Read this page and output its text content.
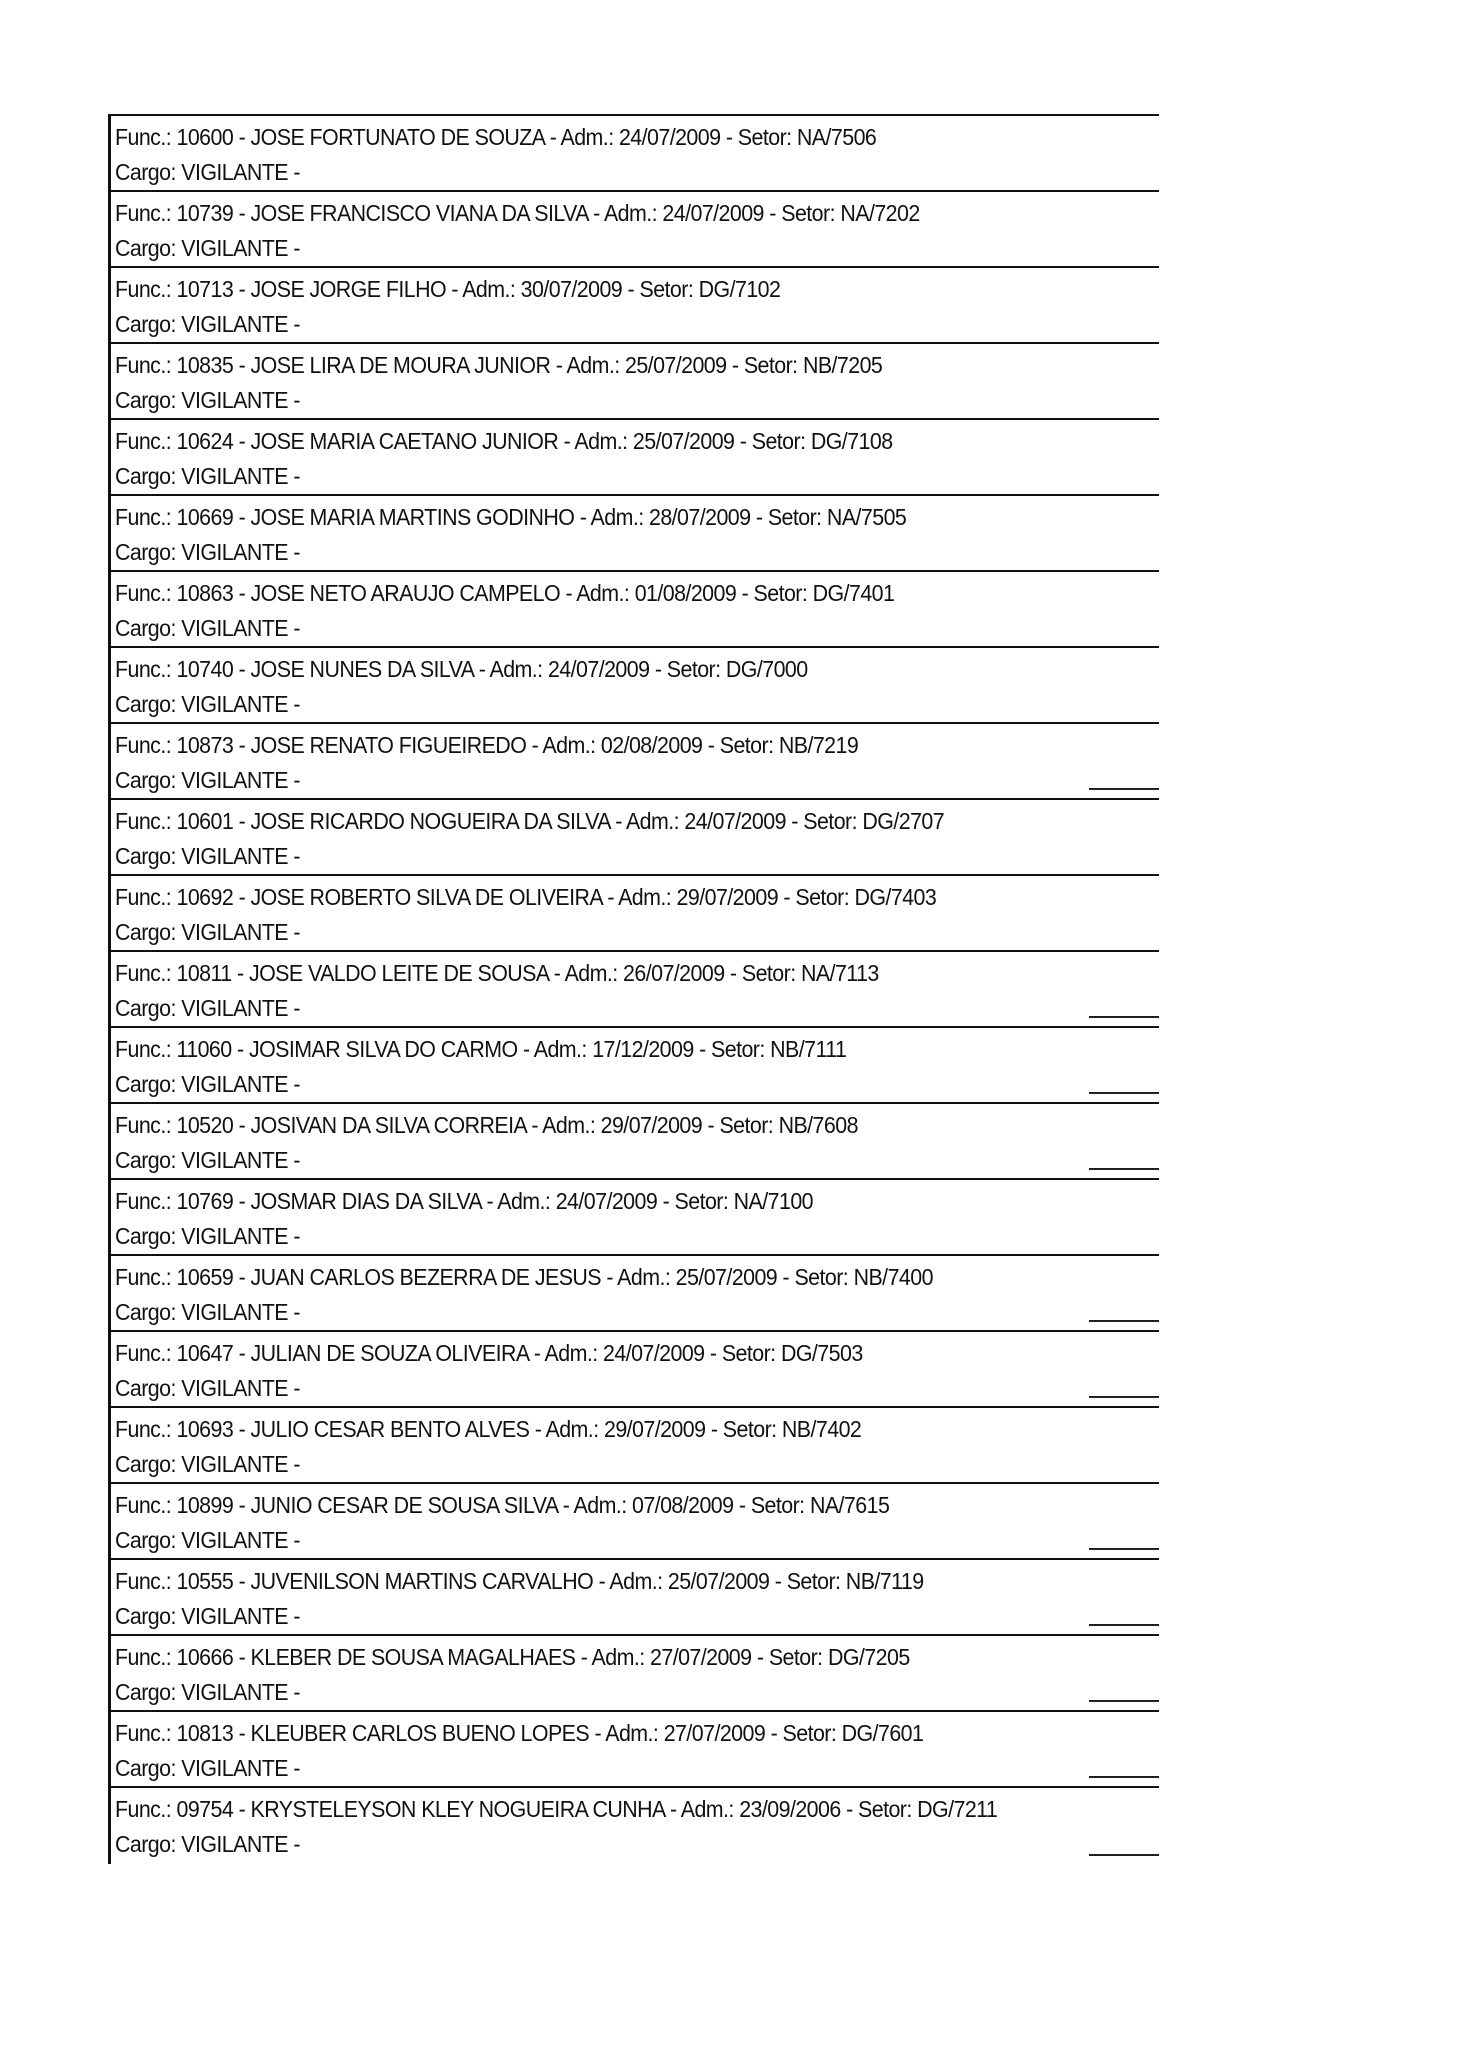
Func.: 10600 - JOSE FORTUNATO DE SOUZA - Adm.: 24/07/2009 - Setor: NA/7506
Cargo: VIGILANTE -
Func.: 10739 - JOSE FRANCISCO VIANA DA SILVA - Adm.: 24/07/2009 - Setor: NA/7202
Cargo: VIGILANTE -
Func.: 10713 - JOSE JORGE FILHO - Adm.: 30/07/2009 - Setor: DG/7102
Cargo: VIGILANTE -
Func.: 10835 - JOSE LIRA DE MOURA JUNIOR - Adm.: 25/07/2009 - Setor: NB/7205
Cargo: VIGILANTE -
Func.: 10624 - JOSE MARIA CAETANO JUNIOR - Adm.: 25/07/2009 - Setor: DG/7108
Cargo: VIGILANTE -
Func.: 10669 - JOSE MARIA MARTINS GODINHO - Adm.: 28/07/2009 - Setor: NA/7505
Cargo: VIGILANTE -
Func.: 10863 - JOSE NETO ARAUJO CAMPELO - Adm.: 01/08/2009 - Setor: DG/7401
Cargo: VIGILANTE -
Func.: 10740 - JOSE NUNES DA SILVA - Adm.: 24/07/2009 - Setor: DG/7000
Cargo: VIGILANTE -
Func.: 10873 - JOSE RENATO FIGUEIREDO - Adm.: 02/08/2009 - Setor: NB/7219
Cargo: VIGILANTE -
Func.: 10601 - JOSE RICARDO NOGUEIRA DA SILVA - Adm.: 24/07/2009 - Setor: DG/2707
Cargo: VIGILANTE -
Func.: 10692 - JOSE ROBERTO SILVA DE OLIVEIRA - Adm.: 29/07/2009 - Setor: DG/7403
Cargo: VIGILANTE -
Func.: 10811 - JOSE VALDO LEITE DE SOUSA - Adm.: 26/07/2009 - Setor: NA/7113
Cargo: VIGILANTE -
Func.: 11060 - JOSIMAR SILVA DO CARMO - Adm.: 17/12/2009 - Setor: NB/7111
Cargo: VIGILANTE -
Func.: 10520 - JOSIVAN DA SILVA CORREIA - Adm.: 29/07/2009 - Setor: NB/7608
Cargo: VIGILANTE -
Func.: 10769 - JOSMAR DIAS DA SILVA - Adm.: 24/07/2009 - Setor: NA/7100
Cargo: VIGILANTE -
Func.: 10659 - JUAN CARLOS BEZERRA DE JESUS - Adm.: 25/07/2009 - Setor: NB/7400
Cargo: VIGILANTE -
Func.: 10647 - JULIAN DE SOUZA OLIVEIRA - Adm.: 24/07/2009 - Setor: DG/7503
Cargo: VIGILANTE -
Func.: 10693 - JULIO CESAR BENTO ALVES - Adm.: 29/07/2009 - Setor: NB/7402
Cargo: VIGILANTE -
Func.: 10899 - JUNIO CESAR DE SOUSA SILVA - Adm.: 07/08/2009 - Setor: NA/7615
Cargo: VIGILANTE -
Func.: 10555 - JUVENILSON MARTINS CARVALHO - Adm.: 25/07/2009 - Setor: NB/7119
Cargo: VIGILANTE -
Func.: 10666 - KLEBER DE SOUSA MAGALHAES - Adm.: 27/07/2009 - Setor: DG/7205
Cargo: VIGILANTE -
Func.: 10813 - KLEUBER CARLOS BUENO LOPES - Adm.: 27/07/2009 - Setor: DG/7601
Cargo: VIGILANTE -
Func.: 09754 - KRYSTELEYSON KLEY NOGUEIRA CUNHA - Adm.: 23/09/2006 - Setor: DG/7211
Cargo: VIGILANTE -
